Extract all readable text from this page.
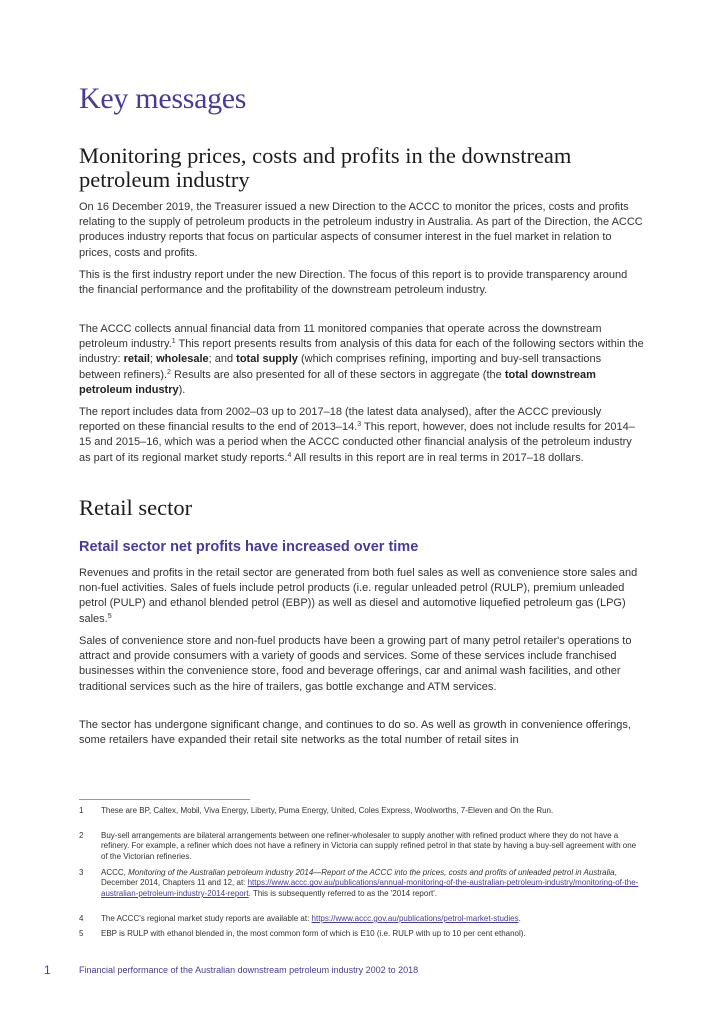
Key messages
Monitoring prices, costs and profits in the downstream
petroleum industry

On 16 December 2019, the Treasurer issued a new Direction to the ACCC to monitor the prices, costs and profits relating to the supply of petroleum products in the petroleum industry in Australia. As part of the Direction, the ACCC produces industry reports that focus on particular aspects of consumer interest in the fuel market in relation to prices, costs and profits.

This is the first industry report under the new Direction. The focus of this report is to provide transparency around the financial performance and the profitability of the downstream petroleum industry.

The ACCC collects annual financial data from 11 monitored companies that operate across the downstream petroleum industry.$^1$ This report presents results from analysis of this data for each of the following sectors within the industry: retail; wholesale; and total supply (which comprises refining, importing and buy-sell transactions between refiners).$^2$ Results are also presented for all of these sectors in aggregate (the total downstream petroleum industry).

The report includes data from 2002–03 up to 2017–18 (the latest data analysed), after the ACCC previously reported on these financial results to the end of 2013–14.$^3$ This report, however, does not include results for 2014–15 and 2015–16, which was a period when the ACCC conducted other financial analysis of the petroleum industry as part of its regional market study reports.$^4$ All results in this report are in real terms in 2017–18 dollars.

Retail sector
Retail sector net profits have increased over time

Revenues and profits in the retail sector are generated from both fuel sales as well as convenience store sales and non-fuel activities. Sales of fuels include petrol products (i.e. regular unleaded petrol (RULP), premium unleaded petrol (PULP) and ethanol blended petrol (EBP)) as well as diesel and automotive liquefied petroleum gas (LPG) sales.$^5$

Sales of convenience store and non-fuel products have been a growing part of many petrol retailer's operations to attract and provide consumers with a variety of goods and services. Some of these services include franchised businesses within the convenience store, food and beverage offerings, car and animal wash facilities, and other traditional services such as the hire of trailers, gas bottle exchange and ATM services.

The sector has undergone significant change, and continues to do so. As well as growth in convenience offerings, some retailers have expanded their retail site networks as the total number of retail sites in

1 These are BP, Caltex, Mobil, Viva Energy, Liberty, Puma Energy, United, Coles Express, Woolworths, 7-Eleven and On the Run.
2 Buy-sell arrangements are bilateral arrangements between one refiner-wholesaler to supply another with refined product where they do not have a refinery. For example, a refiner which does not have a refinery in Victoria can supply refined petrol in that state by having a buy-sell agreement with one of the Victorian refineries.
3 ACCC, Monitoring of the Australian petroleum industry 2014—Report of the ACCC into the prices, costs and profits of unleaded petrol in Australia, December 2014, Chapters 11 and 12, at: https://www.accc.gov.au/publications/annual-monitoring-of-the-australian-petroleum-industry/monitoring-of-the-australian-petroleum-industry-2014-report. This is subsequently referred to as the '2014 report'.
4 The ACCC's regional market study reports are available at: https://www.accc.gov.au/publications/petrol-market-studies.
5 EBP is RULP with ethanol blended in, the most common form of which is E10 (i.e. RULP with up to 10 per cent ethanol).
1	Financial performance of the Australian downstream petroleum industry 2002 to 2018
